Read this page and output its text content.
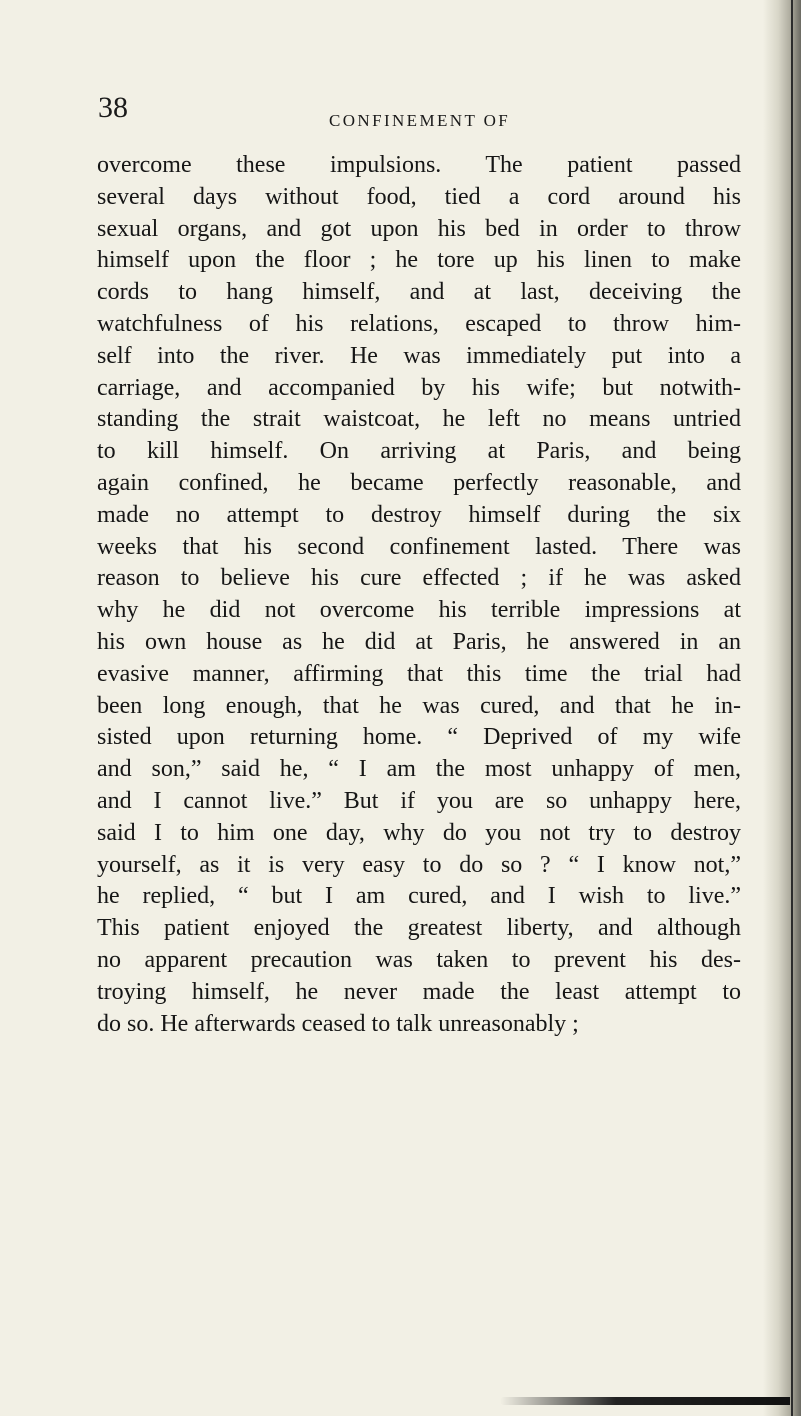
38	CONFINEMENT OF
overcome these impulsions. The patient passed
several days without food, tied a cord around his
sexual organs, and got upon his bed in order to throw
himself upon the floor ; he tore up his linen to make
cords to hang himself, and at last, deceiving the
watchfulness of his relations, escaped to throw him-
self into the river. He was immediately put into a
carriage, and accompanied by his wife; but notwith-
standing the strait waistcoat, he left no means untried
to kill himself. On arriving at Paris, and being
again confined, he became perfectly reasonable, and
made no attempt to destroy himself during the six
weeks that his second confinement lasted. There was
reason to believe his cure effected ; if he was asked
why he did not overcome his terrible impressions at
his own house as he did at Paris, he answered in an
evasive manner, affirming that this time the trial had
been long enough, that he was cured, and that he in-
sisted upon returning home. “ Deprived of my wife
and son,” said he, “ I am the most unhappy of men,
and I cannot live.” But if you are so unhappy here,
said I to him one day, why do you not try to destroy
yourself, as it is very easy to do so ? “ I know not,”
he replied, “ but I am cured, and I wish to live.”
This patient enjoyed the greatest liberty, and although
no apparent precaution was taken to prevent his des-
troying himself, he never made the least attempt to
do so. He afterwards ceased to talk unreasonably ;
